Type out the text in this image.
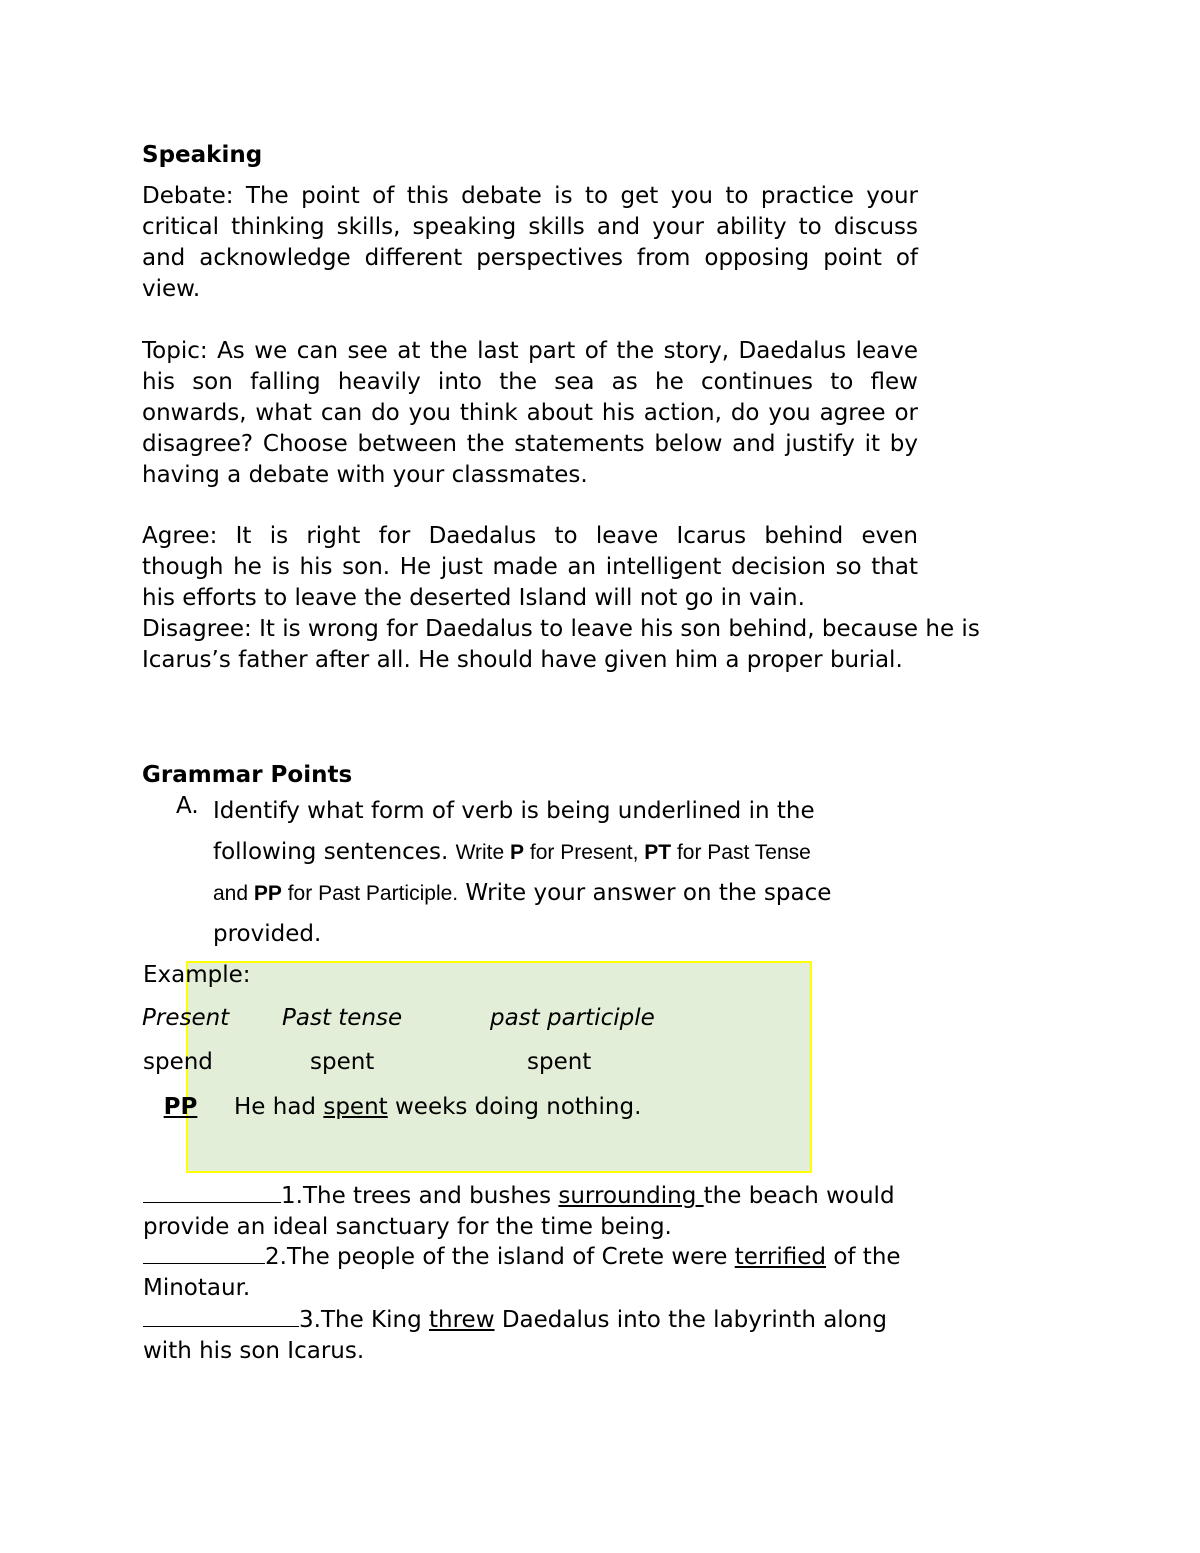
Speaking
Debate: The point of this debate is to get you to practice your
critical thinking skills, speaking skills and your ability to discuss
and acknowledge different perspectives from opposing point of
view.
Topic: As we can see at the last part of the story, Daedalus leave
his son falling heavily into the sea as he continues to flew
onwards, what can do you think about his action, do you agree or
disagree? Choose between the statements below and justify it by
having a debate with your classmates.
Agree: It is right for Daedalus to leave Icarus behind even
though he is his son. He just made an intelligent decision so that
his efforts to leave the deserted Island will not go in vain.
Disagree: It is wrong for Daedalus to leave his son behind, because he is
Icarus’s father after all. He should have given him a proper burial.
Grammar Points
A. Identify what form of verb is being underlined in the
following sentences. Write P for Present, PT for Past Tense
and PP for Past Participle. Write your answer on the space
provided.
Example:
Present Past tense	past participle
spend	spent	spent
PP He had spent weeks doing nothing.
1.The trees and bushes surrounding the beach would
provide an ideal sanctuary for the time being.
2.The people of the island of Crete were terrified of the
Minotaur.
3.The King threw Daedalus into the labyrinth along
with his son Icarus.
